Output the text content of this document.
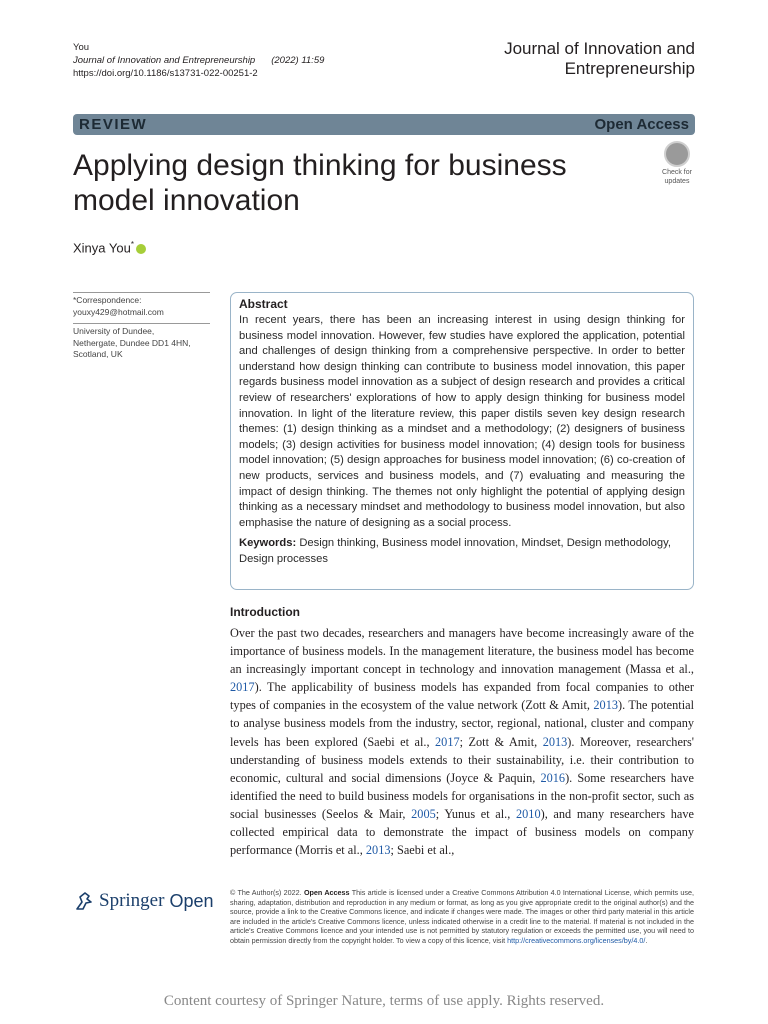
You
Journal of Innovation and Entrepreneurship (2022) 11:59
https://doi.org/10.1186/s13731-022-00251-2
Journal of Innovation and
Entrepreneurship
REVIEW	Open Access
Applying design thinking for business model innovation
Check for
updates
Xinya You*
*Correspondence:
youxy429@hotmail.com
University of Dundee,
Nethergate, Dundee DD1 4HN,
Scotland, UK
Abstract
In recent years, there has been an increasing interest in using design thinking for business model innovation. However, few studies have explored the application, potential and challenges of design thinking from a comprehensive perspective. In order to better understand how design thinking can contribute to business model innovation, this paper regards business model innovation as a subject of design research and provides a critical review of researchers' explorations of how to apply design thinking for business model innovation. In light of the literature review, this paper distils seven key design research themes: (1) design thinking as a mindset and a methodology; (2) designers of business models; (3) design activities for business model innovation; (4) design tools for business model innovation; (5) design approaches for business model innovation; (6) co-creation of new products, services and business models, and (7) evaluating and measuring the impact of design thinking. The themes not only highlight the potential of applying design thinking as a necessary mindset and methodology to business model innovation, but also emphasise the nature of designing as a social process.
Keywords: Design thinking, Business model innovation, Mindset, Design methodology, Design processes
Introduction
Over the past two decades, researchers and managers have become increasingly aware of the importance of business models. In the management literature, the business model has become an increasingly important concept in technology and innovation management (Massa et al., 2017). The applicability of business models has expanded from focal companies to other types of companies in the ecosystem of the value network (Zott & Amit, 2013). The potential to analyse business models from the industry, sector, regional, national, cluster and company levels has been explored (Saebi et al., 2017; Zott & Amit, 2013). Moreover, researchers' understanding of business models extends to their sustainability, i.e. their contribution to economic, cultural and social dimensions (Joyce & Paquin, 2016). Some researchers have identified the need to build business models for organisations in the non-profit sector, such as social businesses (Seelos & Mair, 2005; Yunus et al., 2010), and many researchers have collected empirical data to demonstrate the impact of business models on company performance (Morris et al., 2013; Saebi et al.,
Springer Open © The Author(s) 2022. Open Access This article is licensed under a Creative Commons Attribution 4.0 International License, which permits use, sharing, adaptation, distribution and reproduction in any medium or format, as long as you give appropriate credit to the original author(s) and the source, provide a link to the Creative Commons licence, and indicate if changes were made. The images or other third party material in this article are included in the article's Creative Commons licence, unless indicated otherwise in a credit line to the material. If material is not included in the article's Creative Commons licence and your intended use is not permitted by statutory regulation or exceeds the permitted use, you will need to obtain permission directly from the copyright holder. To view a copy of this licence, visit http://creativecommons.org/licenses/by/4.0/.
Content courtesy of Springer Nature, terms of use apply. Rights reserved.
